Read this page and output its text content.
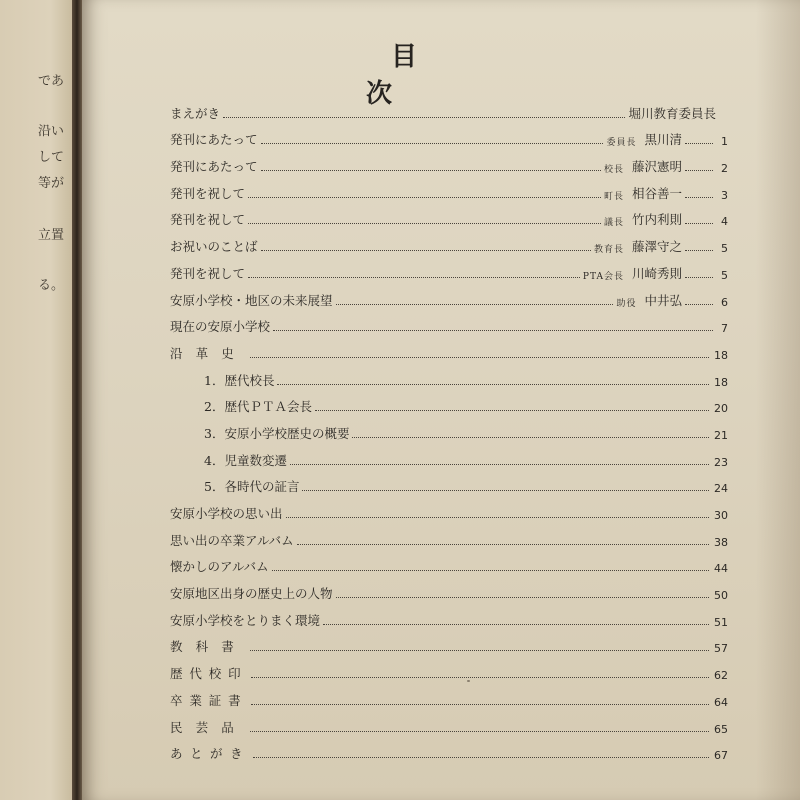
であ
沿い
して
等が
立置
る。
目次
まえがき	堀川教育委員長
発刊にあたって	委員長 黒川清	1
発刊にあたって	校長 藤沢憲明	2
発刊を祝して	町長 相谷善一	3
発刊を祝して	議長 竹内利則	4
お祝いのことば	教育長 藤澤守之	5
発刊を祝して	PTA会長 川崎秀則	5
安原小学校・地区の未来展望	助役 中井弘	6
現在の安原小学校	7
沿革史	18
1．歴代校長	18
2．歴代ＰＴＡ会長	20
3．安原小学校歴史の概要	21
4．児童数変遷	23
5．各時代の証言	24
安原小学校の思い出	30
思い出の卒業アルバム	38
懐かしのアルバム	44
安原地区出身の歴史上の人物	50
安原小学校をとりまく環境	51
教科書	57
歴代校印	62
卒業証書	64
民芸品	65
あとがき	67
